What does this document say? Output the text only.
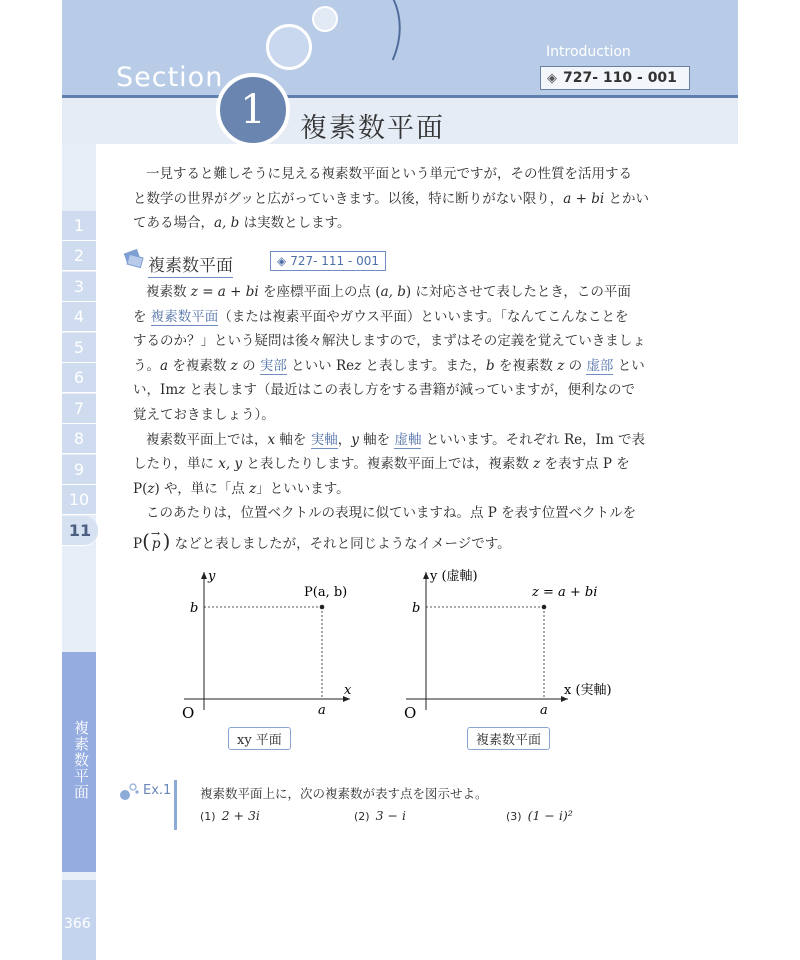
Section
Introduction
◈ 727- 110 - 001
1	複素数平面
1
2
3
4
5
6
7
8
9
10
11
複素数平面
366

一見すると難しそうに見える複素数平面という単元ですが，その性質を活用する

と数学の世界がグッと広がっていきます。以後，特に断りがない限り，a + bi とかい

てある場合，a, b は実数とします。

複素数平面	◈ 727- 111 - 001

複素数 z = a + bi を座標平面上の点 (a, b) に対応させて表したとき，この平面

を 複素数平面（または複素平面やガウス平面）といいます。「なんてこんなことを

するのか？」という疑問は後々解決しますので，まずはその定義を覚えていきましょ

う。a を複素数 z の 実部 といい Rez と表します。また，b を複素数 z の 虚部 とい

い，Imz と表します（最近はこの表し方をする書籍が減っていますが，便利なので

覚えておきましょう）。

複素数平面上では，x 軸を 実軸，y 軸を 虚軸 といいます。それぞれ Re，Im で表

したり，単に x, y と表したりします。複素数平面上では，複素数 z を表す点 P を

P(z) や，単に「点 z」といいます。

このあたりは，位置ベクトルの表現に似ていますね。点 P を表す位置ベクトルを

P( →
p ) などと表しましたが，それと同じようなイメージです。

y
x
O
b
a
P(a, b)
y (虚軸)
x (実軸)
O
b
a
z = a + bi
xy 平面	複素数平面
Ex.1 複素数平面上に，次の複素数が表す点を図示せよ。
(1) 2 + 3i	(2) 3 − i	(3) (1 − i)²
